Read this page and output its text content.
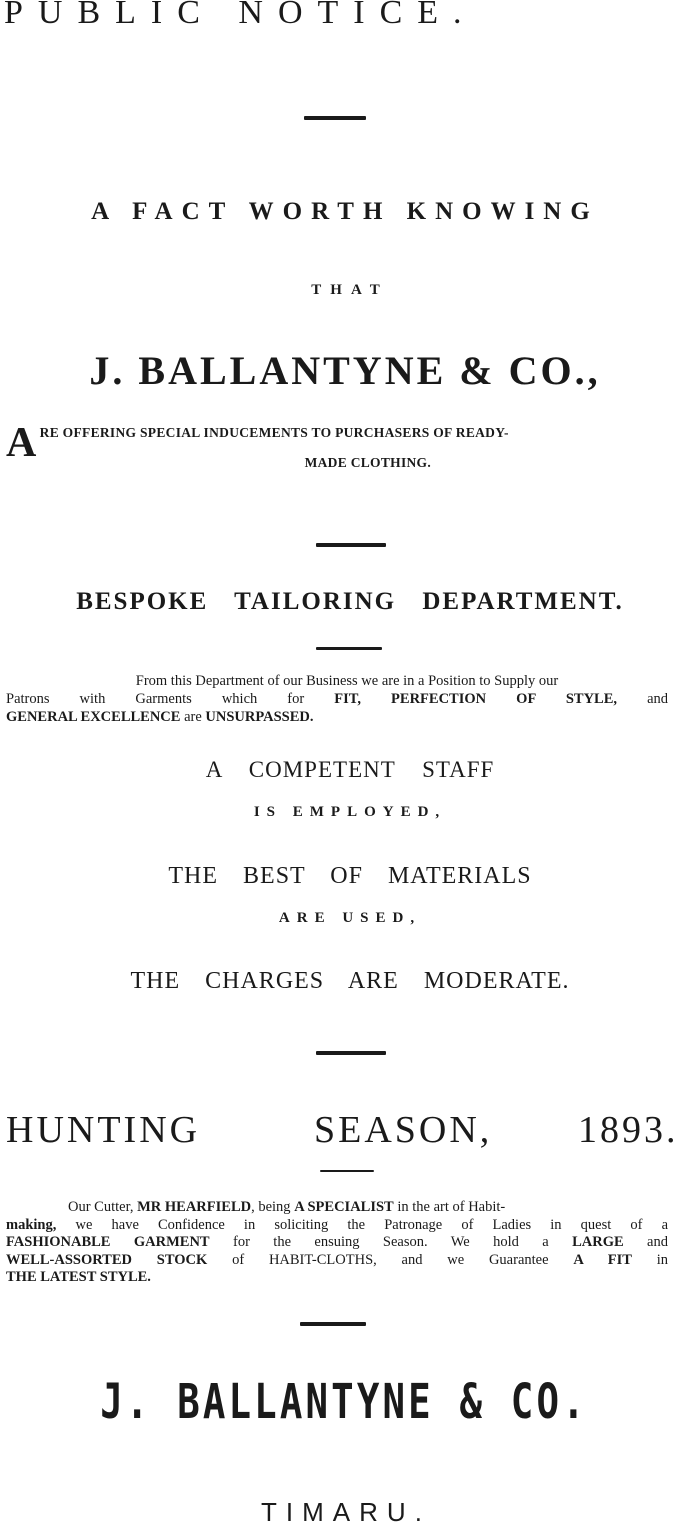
PUBLIC NOTICE.
A FACT WORTH KNOWING
THAT
J. BALLANTYNE & CO.,
A RE OFFERING SPECIAL INDUCEMENTS TO PURCHASERS OF READY-
MADE CLOTHING.
BESPOKE TAILORING DEPARTMENT.
From this Department of our Business we are in a Position to Supply our
Patrons with Garments which for FIT, PERFECTION OF STYLE, and
GENERAL EXCELLENCE are UNSURPASSED.
A COMPETENT STAFF
IS EMPLOYED,
THE BEST OF MATERIALS
ARE USED,
THE CHARGES ARE MODERATE.
HUNTING	SEASON, 1893.
Our Cutter, MR HEARFIELD, being A SPECIALIST in the art of Habit-
making, we have Confidence in soliciting the Patronage of Ladies in quest of a
FASHIONABLE GARMENT for the ensuing Season. We hold a LARGE and
WELL-ASSORTED STOCK of HABIT-CLOTHS, and we Guarantee A FIT in
THE LATEST STYLE.
J. BALLANTYNE & CO.
TIMARU.
